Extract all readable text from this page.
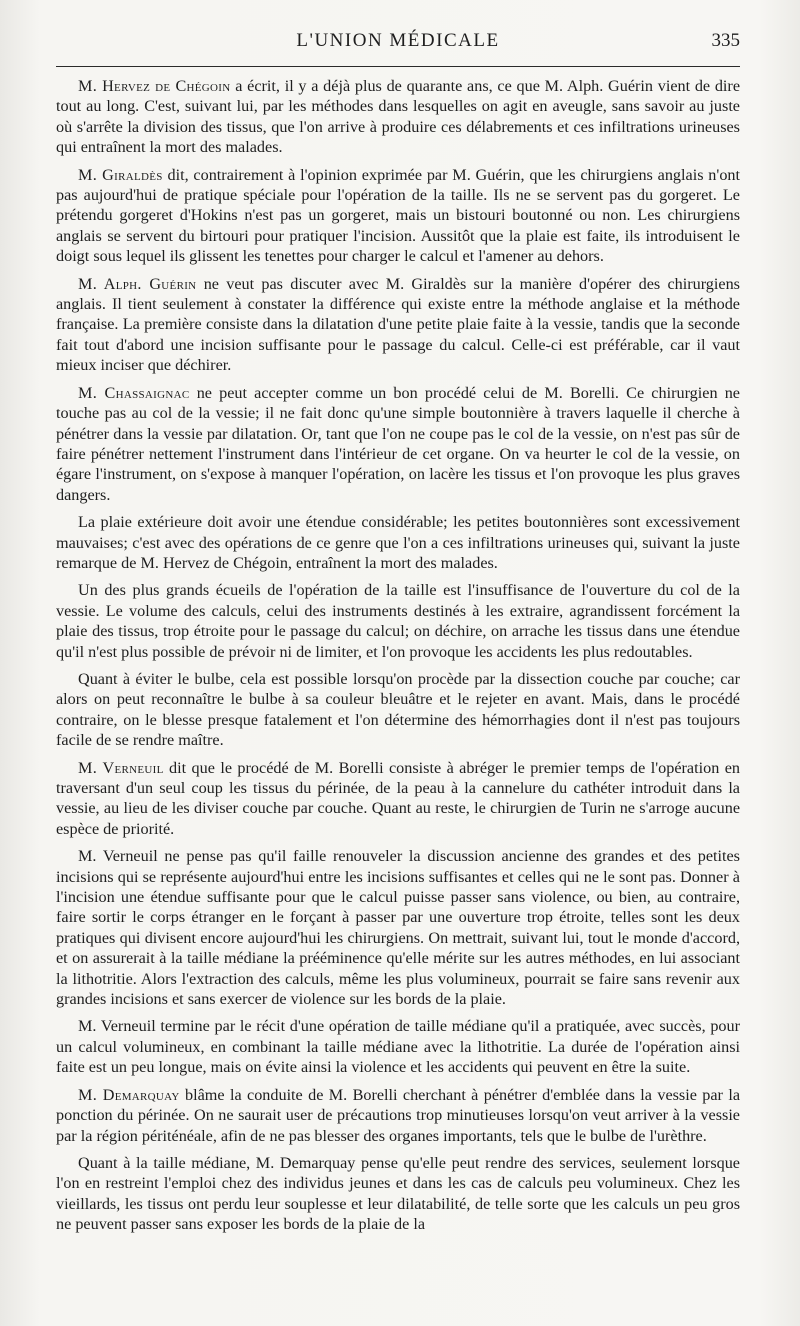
L'UNION MÉDICALE	335

M. Hervez de Chégoin a écrit, il y a déjà plus de quarante ans, ce que M. Alph. Guérin vient de dire tout au long. C'est, suivant lui, par les méthodes dans lesquelles on agit en aveugle, sans savoir au juste où s'arrête la division des tissus, que l'on arrive à produire ces délabrements et ces infiltrations urineuses qui entraînent la mort des malades.

M. Giraldès dit, contrairement à l'opinion exprimée par M. Guérin, que les chirurgiens anglais n'ont pas aujourd'hui de pratique spéciale pour l'opération de la taille. Ils ne se servent pas du gorgeret. Le prétendu gorgeret d'Hokins n'est pas un gorgeret, mais un bistouri boutonné ou non. Les chirurgiens anglais se servent du birtouri pour pratiquer l'incision. Aussitôt que la plaie est faite, ils introduisent le doigt sous lequel ils glissent les tenettes pour charger le calcul et l'amener au dehors.

M. Alph. Guérin ne veut pas discuter avec M. Giraldès sur la manière d'opérer des chirurgiens anglais. Il tient seulement à constater la différence qui existe entre la méthode anglaise et la méthode française. La première consiste dans la dilatation d'une petite plaie faite à la vessie, tandis que la seconde fait tout d'abord une incision suffisante pour le passage du calcul. Celle-ci est préférable, car il vaut mieux inciser que déchirer.

M. Chassaignac ne peut accepter comme un bon procédé celui de M. Borelli. Ce chirurgien ne touche pas au col de la vessie; il ne fait donc qu'une simple boutonnière à travers laquelle il cherche à pénétrer dans la vessie par dilatation. Or, tant que l'on ne coupe pas le col de la vessie, on n'est pas sûr de faire pénétrer nettement l'instrument dans l'intérieur de cet organe. On va heurter le col de la vessie, on égare l'instrument, on s'expose à manquer l'opération, on lacère les tissus et l'on provoque les plus graves dangers.

La plaie extérieure doit avoir une étendue considérable; les petites boutonnières sont excessivement mauvaises; c'est avec des opérations de ce genre que l'on a ces infiltrations urineuses qui, suivant la juste remarque de M. Hervez de Chégoin, entraînent la mort des malades.

Un des plus grands écueils de l'opération de la taille est l'insuffisance de l'ouverture du col de la vessie. Le volume des calculs, celui des instruments destinés à les extraire, agrandissent forcément la plaie des tissus, trop étroite pour le passage du calcul; on déchire, on arrache les tissus dans une étendue qu'il n'est plus possible de prévoir ni de limiter, et l'on provoque les accidents les plus redoutables.

Quant à éviter le bulbe, cela est possible lorsqu'on procède par la dissection couche par couche; car alors on peut reconnaître le bulbe à sa couleur bleuâtre et le rejeter en avant. Mais, dans le procédé contraire, on le blesse presque fatalement et l'on détermine des hémorrhagies dont il n'est pas toujours facile de se rendre maître.

M. Verneuil dit que le procédé de M. Borelli consiste à abréger le premier temps de l'opération en traversant d'un seul coup les tissus du périnée, de la peau à la cannelure du cathéter introduit dans la vessie, au lieu de les diviser couche par couche. Quant au reste, le chirurgien de Turin ne s'arroge aucune espèce de priorité.

M. Verneuil ne pense pas qu'il faille renouveler la discussion ancienne des grandes et des petites incisions qui se représente aujourd'hui entre les incisions suffisantes et celles qui ne le sont pas. Donner à l'incision une étendue suffisante pour que le calcul puisse passer sans violence, ou bien, au contraire, faire sortir le corps étranger en le forçant à passer par une ouverture trop étroite, telles sont les deux pratiques qui divisent encore aujourd'hui les chirurgiens. On mettrait, suivant lui, tout le monde d'accord, et on assurerait à la taille médiane la prééminence qu'elle mérite sur les autres méthodes, en lui associant la lithotritie. Alors l'extraction des calculs, même les plus volumineux, pourrait se faire sans revenir aux grandes incisions et sans exercer de violence sur les bords de la plaie.

M. Verneuil termine par le récit d'une opération de taille médiane qu'il a pratiquée, avec succès, pour un calcul volumineux, en combinant la taille médiane avec la lithotritie. La durée de l'opération ainsi faite est un peu longue, mais on évite ainsi la violence et les accidents qui peuvent en être la suite.

M. Demarquay blâme la conduite de M. Borelli cherchant à pénétrer d'emblée dans la vessie par la ponction du périnée. On ne saurait user de précautions trop minutieuses lorsqu'on veut arriver à la vessie par la région périténéale, afin de ne pas blesser des organes importants, tels que le bulbe de l'urèthre.

Quant à la taille médiane, M. Demarquay pense qu'elle peut rendre des services, seulement lorsque l'on en restreint l'emploi chez des individus jeunes et dans les cas de calculs peu volumineux. Chez les vieillards, les tissus ont perdu leur souplesse et leur dilatabilité, de telle sorte que les calculs un peu gros ne peuvent passer sans exposer les bords de la plaie de la
